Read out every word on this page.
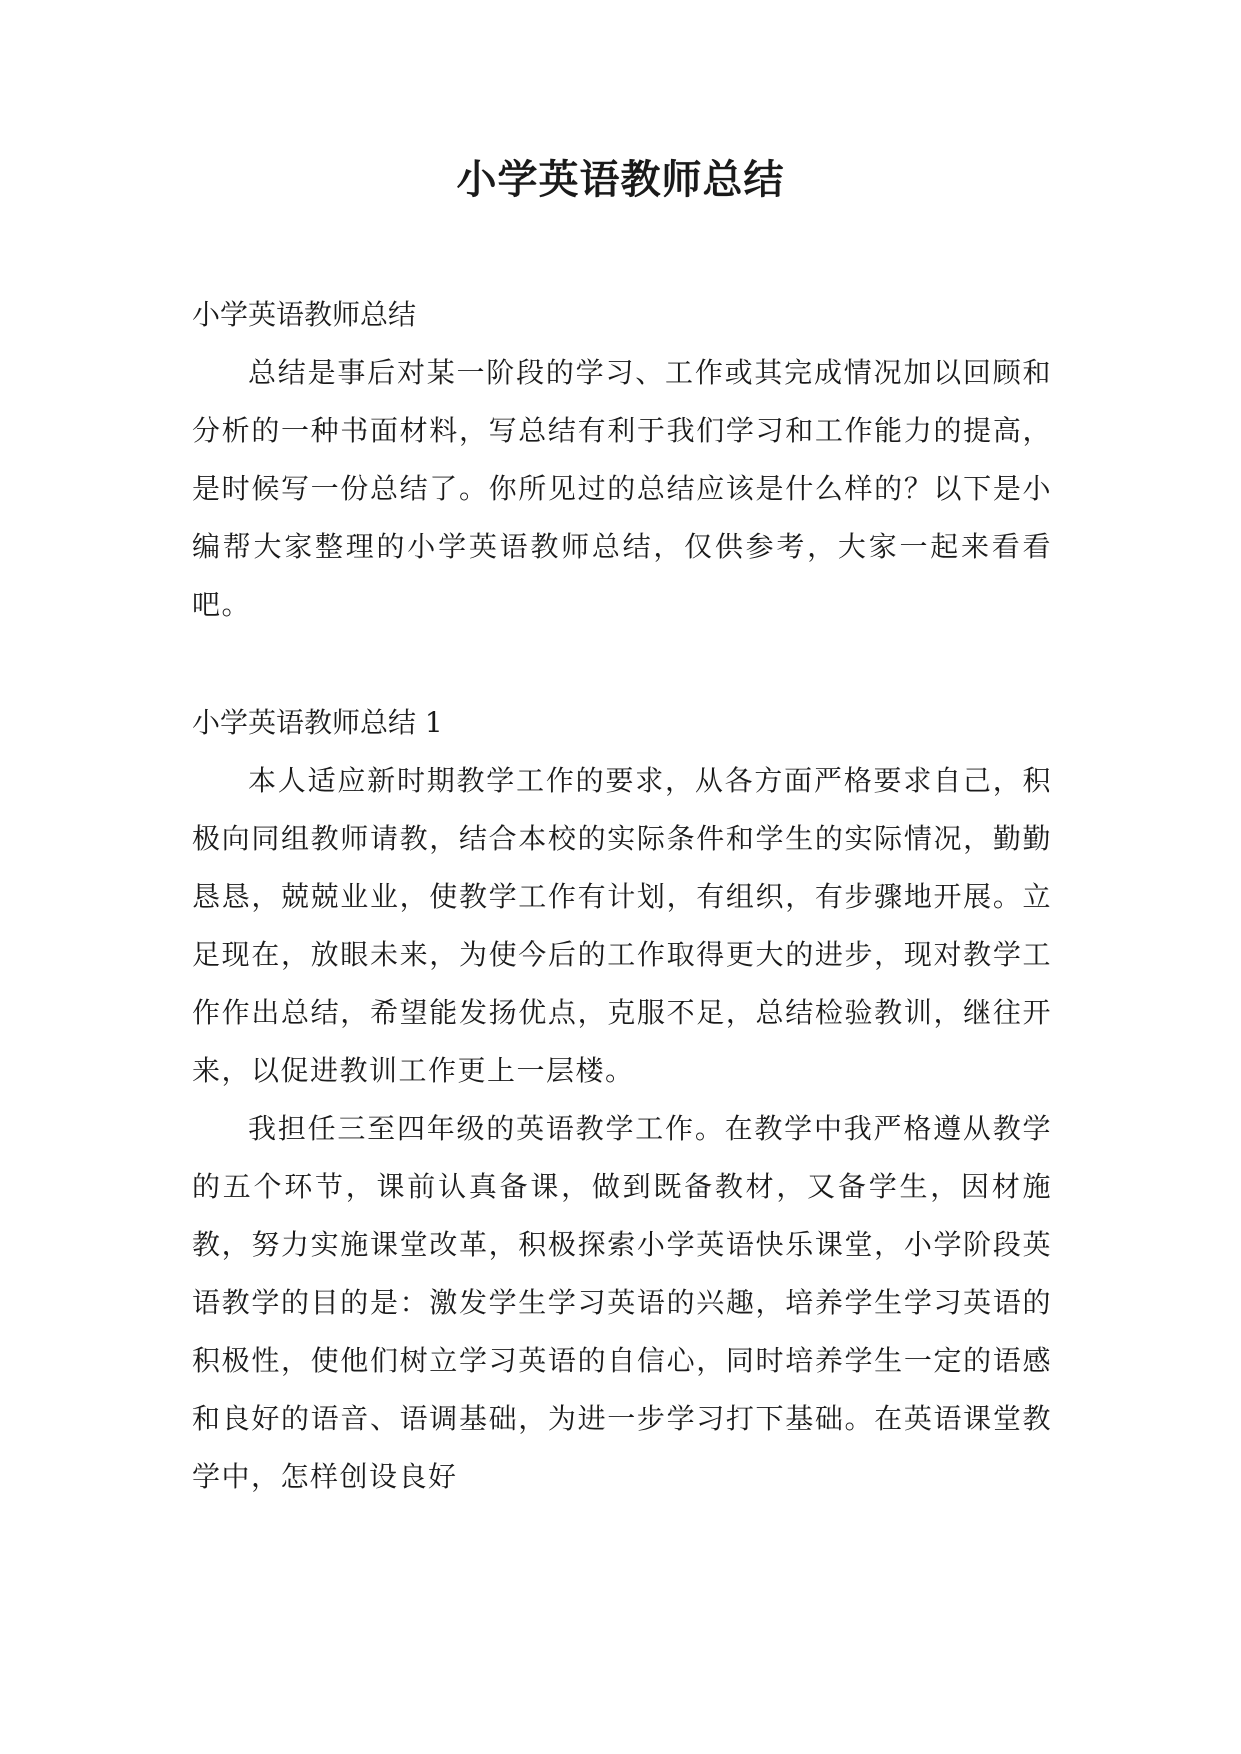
小学英语教师总结

小学英语教师总结

总结是事后对某一阶段的学习、工作或其完成情况加以回顾和分析的一种书面材料，写总结有利于我们学习和工作能力的提高，是时候写一份总结了。你所见过的总结应该是什么样的？以下是小编帮大家整理的小学英语教师总结，仅供参考，大家一起来看看吧。

小学英语教师总结 1

本人适应新时期教学工作的要求，从各方面严格要求自己，积极向同组教师请教，结合本校的实际条件和学生的实际情况，勤勤恳恳，兢兢业业，使教学工作有计划，有组织，有步骤地开展。立足现在，放眼未来，为使今后的工作取得更大的进步，现对教学工作作出总结，希望能发扬优点，克服不足，总结检验教训，继往开来，以促进教训工作更上一层楼。

我担任三至四年级的英语教学工作。在教学中我严格遵从教学的五个环节，课前认真备课，做到既备教材，又备学生，因材施教，努力实施课堂改革，积极探索小学英语快乐课堂，小学阶段英语教学的目的是：激发学生学习英语的兴趣，培养学生学习英语的积极性，使他们树立学习英语的自信心，同时培养学生一定的语感和良好的语音、语调基础，为进一步学习打下基础。在英语课堂教学中，怎样创设良好
